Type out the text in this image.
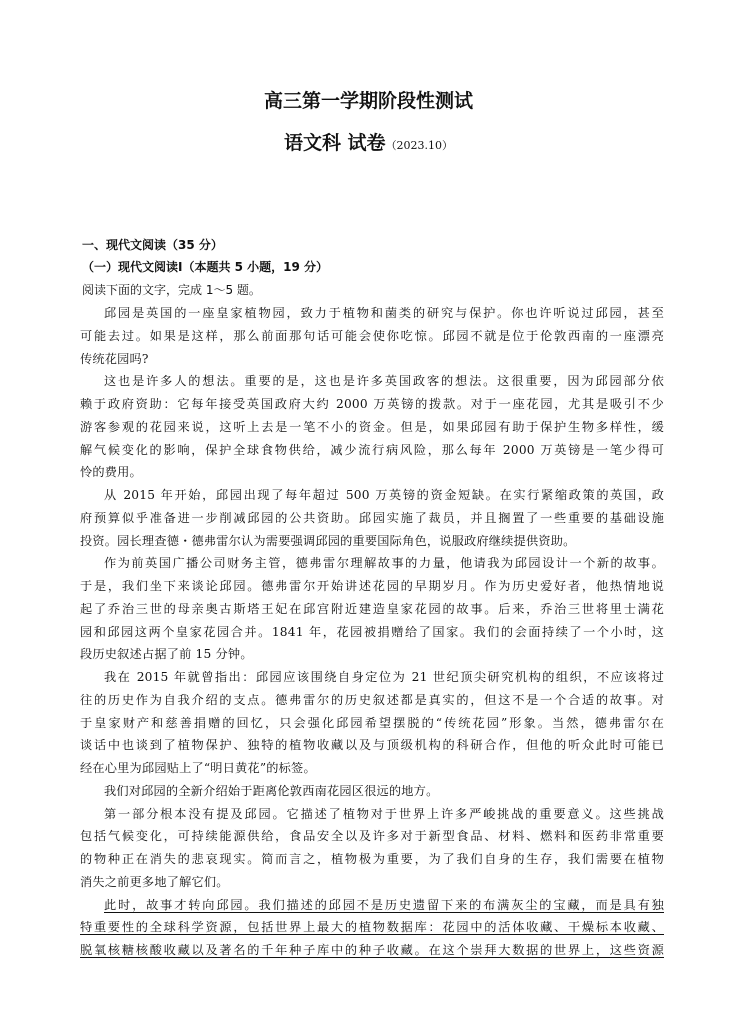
高三第一学期阶段性测试
语文科 试卷（2023.10）
一、现代文阅读（35 分）
（一）现代文阅读Ⅰ（本题共 5 小题，19 分）
阅读下面的文字，完成 1～5 题。
邱园是英国的一座皇家植物园，致力于植物和菌类的研究与保护。你也许听说过邱园，甚至
可能去过。如果是这样，那么前面那句话可能会使你吃惊。邱园不就是位于伦敦西南的一座漂亮
传统花园吗?
这也是许多人的想法。重要的是，这也是许多英国政客的想法。这很重要，因为邱园部分依
赖于政府资助：它每年接受英国政府大约 2000 万英镑的拨款。对于一座花园，尤其是吸引不少
游客参观的花园来说，这听上去是一笔不小的资金。但是，如果邱园有助于保护生物多样性，缓
解气候变化的影响，保护全球食物供给，减少流行病风险，那么每年 2000 万英镑是一笔少得可
怜的费用。
从 2015 年开始，邱园出现了每年超过 500 万英镑的资金短缺。在实行紧缩政策的英国，政
府预算似乎准备进一步削减邱园的公共资助。邱园实施了裁员，并且搁置了一些重要的基础设施
投资。园长理查德・德弗雷尔认为需要强调邱园的重要国际角色，说服政府继续提供资助。
作为前英国广播公司财务主管，德弗雷尔理解故事的力量，他请我为邱园设计一个新的故事。
于是，我们坐下来谈论邱园。德弗雷尔开始讲述花园的早期岁月。作为历史爱好者，他热情地说
起了乔治三世的母亲奥古斯塔王妃在邱宫附近建造皇家花园的故事。后来，乔治三世将里士满花
园和邱园这两个皇家花园合并。1841 年，花园被捐赠给了国家。我们的会面持续了一个小时，这
段历史叙述占据了前 15 分钟。
我在 2015 年就曾指出：邱园应该围绕自身定位为 21 世纪顶尖研究机构的组织，不应该将过
往的历史作为自我介绍的支点。德弗雷尔的历史叙述都是真实的，但这不是一个合适的故事。对
于皇家财产和慈善捐赠的回忆，只会强化邱园希望摆脱的“传统花园”形象。当然，德弗雷尔在
谈话中也谈到了植物保护、独特的植物收藏以及与顶级机构的科研合作，但他的听众此时可能已
经在心里为邱园贴上了“明日黄花”的标签。
我们对邱园的全新介绍始于距离伦敦西南花园区很远的地方。
第一部分根本没有提及邱园。它描述了植物对于世界上许多严峻挑战的重要意义。这些挑战
包括气候变化，可持续能源供给，食品安全以及许多对于新型食品、材料、燃料和医药非常重要
的物种正在消失的悲哀现实。简而言之，植物极为重要，为了我们自身的生存，我们需要在植物
消失之前更多地了解它们。
此时，故事才转向邱园。我们描述的邱园不是历史遗留下来的布满灰尘的宝藏，而是具有独
特重要性的全球科学资源，包括世界上最大的植物数据库：花园中的活体收藏、干燥标本收藏、
脱氧核糖核酸收藏以及著名的千年种子库中的种子收藏。在这个崇拜大数据的世界上，这些资源
